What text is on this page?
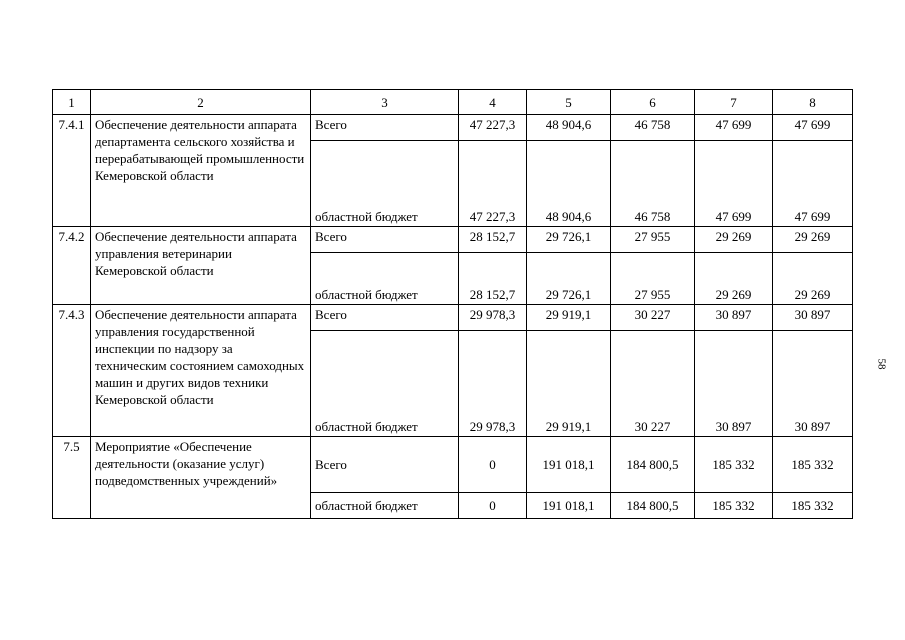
58
1	2	3	4	5	6	7	8
7.4.1	Обеспечение деятельности аппарата департамента сельского хозяйства и перерабатывающей промышленности Кемеровской области	Всего	47 227,3	48 904,6	46 758	47 699	47 699
		областной бюджет	47 227,3	48 904,6	46 758	47 699	47 699
7.4.2	Обеспечение деятельности аппарата управления ветеринарии Кемеровской области	Всего	28 152,7	29 726,1	27 955	29 269	29 269
		областной бюджет	28 152,7	29 726,1	27 955	29 269	29 269
7.4.3	Обеспечение деятельности аппарата управления государственной инспекции по надзору за техническим состоянием самоходных машин и других видов техники Кемеровской области	Всего	29 978,3	29 919,1	30 227	30 897	30 897
		областной бюджет	29 978,3	29 919,1	30 227	30 897	30 897
7.5	Мероприятие «Обеспечение деятельности (оказание услуг) подведомственных учреждений»	Всего	0	191 018,1	184 800,5	185 332	185 332
		областной бюджет	0	191 018,1	184 800,5	185 332	185 332
